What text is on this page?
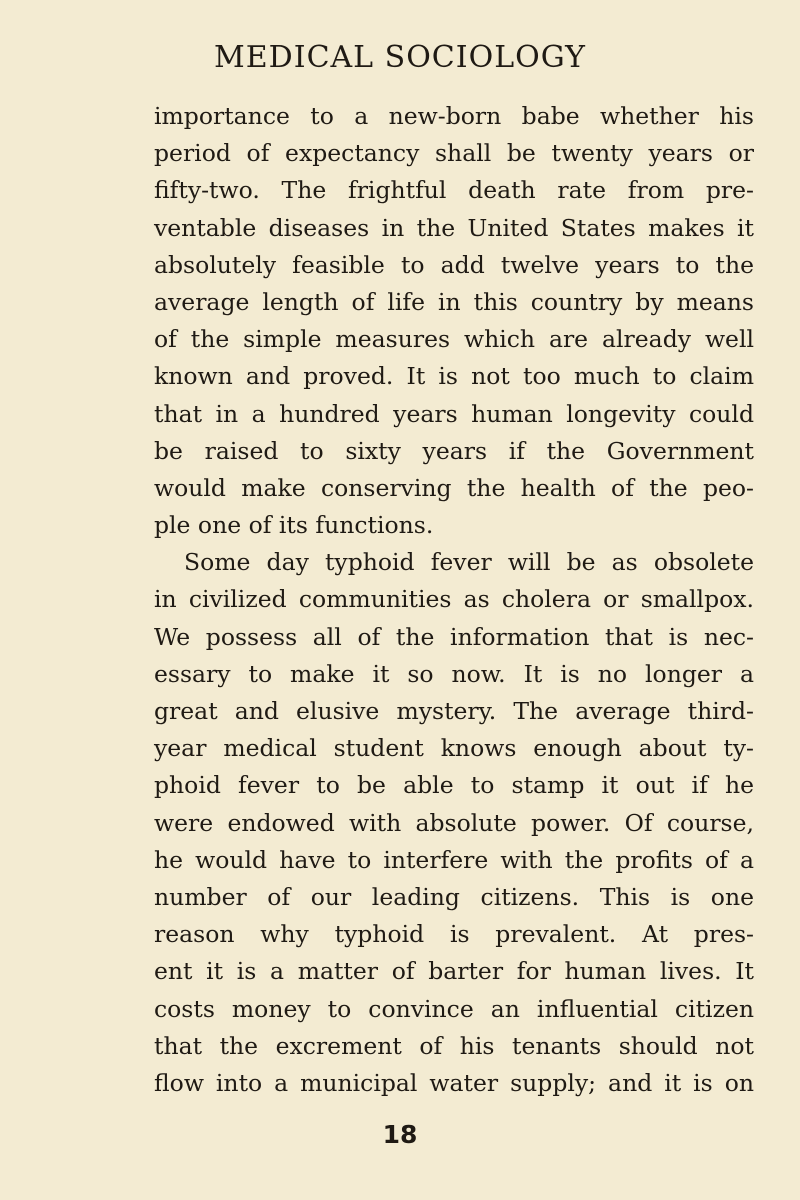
MEDICAL SOCIOLOGY
importance to a new-born babe whether his
period of expectancy shall be twenty years or
fifty-two. The frightful death rate from pre-
ventable diseases in the United States makes it
absolutely feasible to add twelve years to the
average length of life in this country by means
of the simple measures which are already well
known and proved. It is not too much to claim
that in a hundred years human longevity could
be raised to sixty years if the Government
would make conserving the health of the peo-
ple one of its functions.
Some day typhoid fever will be as obsolete
in civilized communities as cholera or smallpox.
We possess all of the information that is nec-
essary to make it so now. It is no longer a
great and elusive mystery. The average third-
year medical student knows enough about ty-
phoid fever to be able to stamp it out if he
were endowed with absolute power. Of course,
he would have to interfere with the profits of a
number of our leading citizens. This is one
reason why typhoid is prevalent. At pres-
ent it is a matter of barter for human lives. It
costs money to convince an influential citizen
that the excrement of his tenants should not
flow into a municipal water supply; and it is on
18
